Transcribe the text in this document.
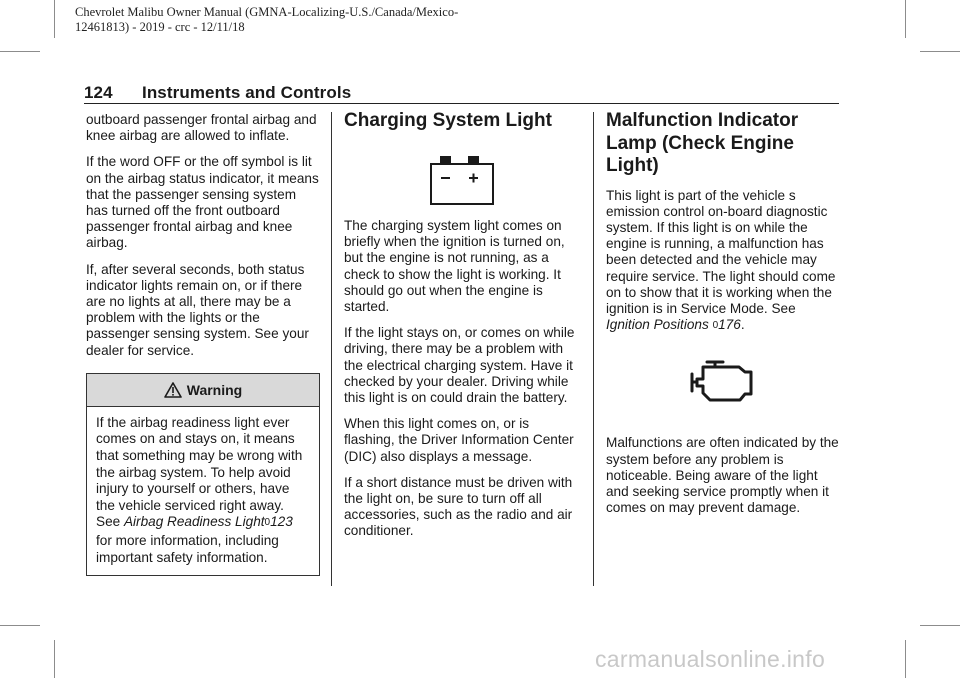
Chevrolet Malibu Owner Manual (GMNA-Localizing-U.S./Canada/Mexico-
12461813) - 2019 - crc - 12/11/18
124 Instruments and Controls

outboard passenger frontal airbag and knee airbag are allowed to inflate.

If the word OFF or the off symbol is lit on the airbag status indicator, it means that the passenger sensing system has turned off the front outboard passenger frontal airbag and knee airbag.

If, after several seconds, both status indicator lights remain on, or if there are no lights at all, there may be a problem with the lights or the passenger sensing system. See your dealer for service.

Warning
If the airbag readiness light ever comes on and stays on, it means that something may be wrong with the airbag system. To help avoid injury to yourself or others, have the vehicle serviced right away. See Airbag Readiness Light0123 for more information, including important safety information.
Charging System Light

The charging system light comes on briefly when the ignition is turned on, but the engine is not running, as a check to show the light is working. It should go out when the engine is started.

If the light stays on, or comes on while driving, there may be a problem with the electrical charging system. Have it checked by your dealer. Driving while this light is on could drain the battery.

When this light comes on, or is flashing, the Driver Information Center (DIC) also displays a message.

If a short distance must be driven with the light on, be sure to turn off all accessories, such as the radio and air conditioner.

Malfunction Indicator Lamp (Check Engine Light)

This light is part of the vehicle s emission control on-board diagnostic system. If this light is on while the engine is running, a malfunction has been detected and the vehicle may require service. The light should come on to show that it is working when the ignition is in Service Mode. See Ignition Positions 0176.

Malfunctions are often indicated by the system before any problem is noticeable. Being aware of the light and seeking service promptly when it comes on may prevent damage.

carmanualsonline.info
